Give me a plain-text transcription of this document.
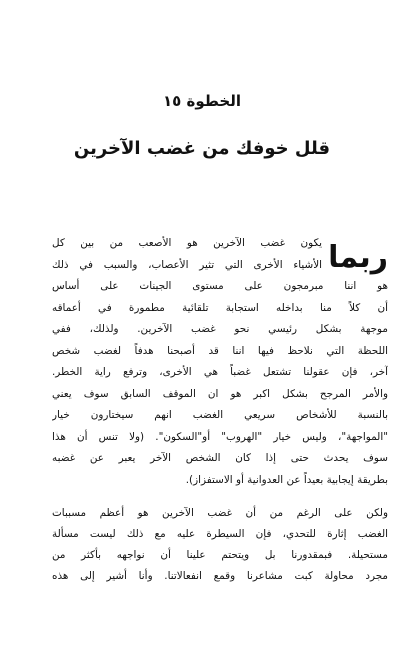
الخطوة ١٥
قلل خوفك من غضب الآخرين
ربما
يكون غضب الآخرين هو الأصعب من بين كل
الأشياء الأخرى التي تثير الأعصاب، والسبب في ذلك
هو اننا مبرمجون على مستوى الجينات على أساس
أن كلاً منا بداخله استجابة تلقائية مطمورة في أعماقه
موجهة بشكل رئيسي نحو غضب الآخرين. ولذلك، ففي
اللحظة التي نلاحظ فيها اننا قد أصبحنا هدفاً لغضب شخص
آخر، فإن عقولنا تشتعل غضباً هي الأخرى، وترفع راية الخطر.
والأمر المرجح بشكل اكبر هو ان الموقف السابق سوف يعني
بالنسبة للأشخاص سريعي الغضب انهم سيختارون خيار
"المواجهة"، وليس خيار "الهروب" أو"السكون". (ولا تنس أن هذا
سوف يحدث حتى إذا كان الشخص الآخر يعبر عن غضبه
بطريقة إيجابية بعيداً عن العدوانية أو الاستفزاز).
ولكن على الرغم من أن غضب الآخرين هو أعظم مسببات
الغضب إثارة للتحدي، فإن السيطرة عليه مع ذلك ليست مسألة
مستحيلة. فبمقدورنا بل ويتحتم علينا أن نواجهه بأكثر من
مجرد محاولة كبت مشاعرنا وقمع انفعالاتنا. وأنا أشير إلى هذه
